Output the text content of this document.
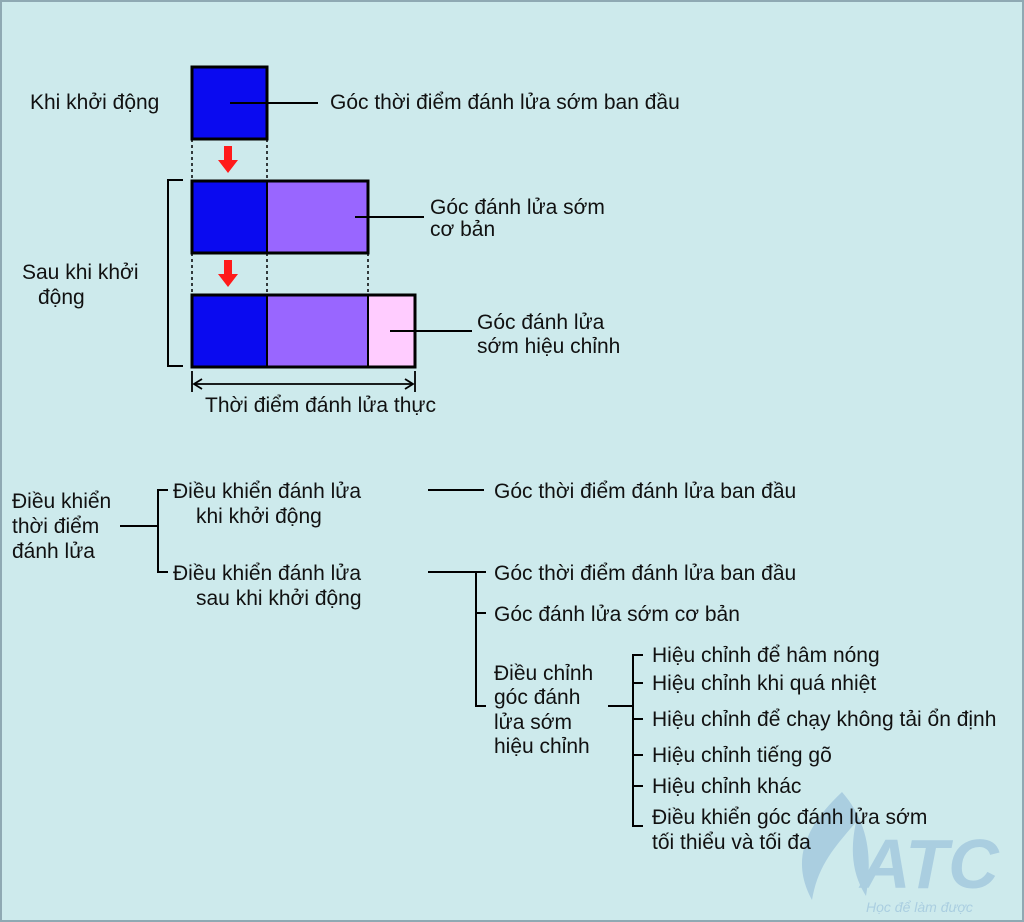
ATC
Học để làm được
Khi khởi động
Sau khi khởi
động
Góc thời điểm đánh lửa sớm ban đầu
Góc đánh lửa sớm
cơ bản
Góc đánh lửa
sớm hiệu chỉnh
Thời điểm đánh lửa thực
Điều khiển
thời điểm
đánh lửa
Điều khiển đánh lửa
khi khởi động
Góc thời điểm đánh lửa ban đầu
Điều khiển đánh lửa
sau khi khởi động
Góc thời điểm đánh lửa ban đầu
Góc đánh lửa sớm cơ bản
Điều chỉnh
góc đánh
lửa sớm
hiệu chỉnh
Hiệu chỉnh để hâm nóng
Hiệu chỉnh khi quá nhiệt
Hiệu chỉnh để chạy không tải ổn định
Hiệu chỉnh tiếng gõ
Hiệu chỉnh khác
Điều khiển góc đánh lửa sớm
tối thiểu và tối đa
